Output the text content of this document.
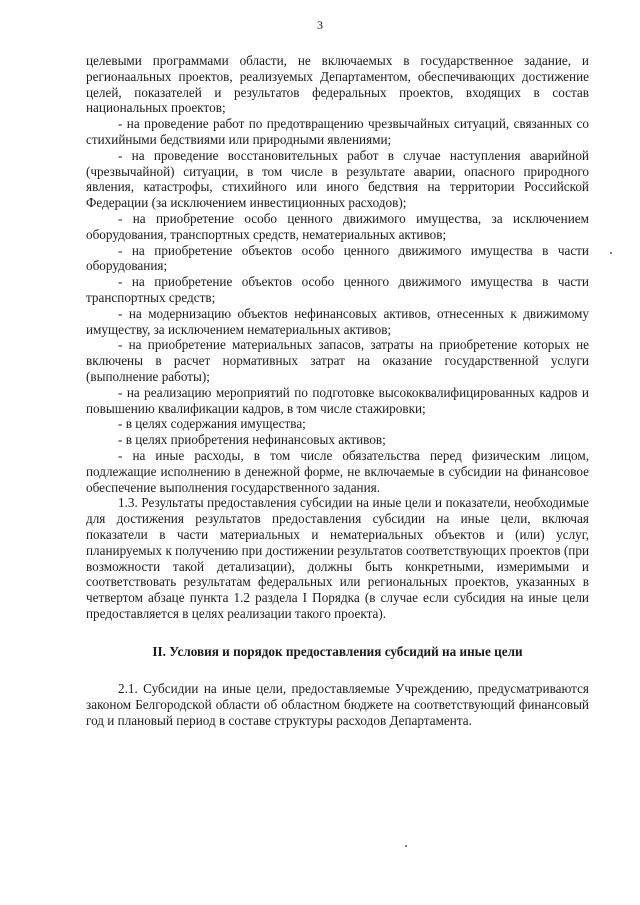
3

целевыми программами области, не включаемых в государственное задание, и регионаальных проектов, реализуемых Департаментом, обеспечивающих достижение целей, показателей и результатов федеральных проектов, входящих в состав национальных проектов;

- на проведение работ по предотвращению чрезвычайных ситуаций, связанных со стихийными бедствиями или природными явлениями;

- на проведение восстановительных работ в случае наступления аварийной (чрезвычайной) ситуации, в том числе в результате аварии, опасного природного явления, катастрофы, стихийного или иного бедствия на территории Российской Федерации (за исключением инвестиционных расходов);

- на приобретение особо ценного движимого имущества, за исключением оборудования, транспортных средств, нематериальных активов;

- на приобретение объектов особо ценного движимого имущества в части оборудования;

- на приобретение объектов особо ценного движимого имущества в части транспортных средств;

- на модернизацию объектов нефинансовых активов, отнесенных к движимому имуществу, за исключением нематериальных активов;

- на приобретение материальных запасов, затраты на приобретение которых не включены в расчет нормативных затрат на оказание государственной услуги (выполнение работы);

- на реализацию мероприятий по подготовке высококвалифицированных кадров и повышению квалификации кадров, в том числе стажировки;

- в целях содержания имущества;

- в целях приобретения нефинансовых активов;

- на иные расходы, в том числе обязательства перед физическим лицом, подлежащие исполнению в денежной форме, не включаемые в субсидии на финансовое обеспечение выполнения государственного задания.

1.3. Результаты предоставления субсидии на иные цели и показатели, необходимые для достижения результатов предоставления субсидии на иные цели, включая показатели в части материальных и нематериальных объектов и (или) услуг, планируемых к получению при достижении результатов соответствующих проектов (при возможности такой детализации), должны быть конкретными, измеримыми и соответствовать результатам федеральных или региональных проектов, указанных в четвертом абзаце пункта 1.2 раздела I Порядка (в случае если субсидия на иные цели предоставляется в целях реализации такого проекта).

II. Условия и порядок предоставления субсидий на иные цели

2.1. Субсидии на иные цели, предоставляемые Учреждению, предусматриваются законом Белгородской области об областном бюджете на соответствующий финансовый год и плановый период в составе структуры расходов Департамента.
